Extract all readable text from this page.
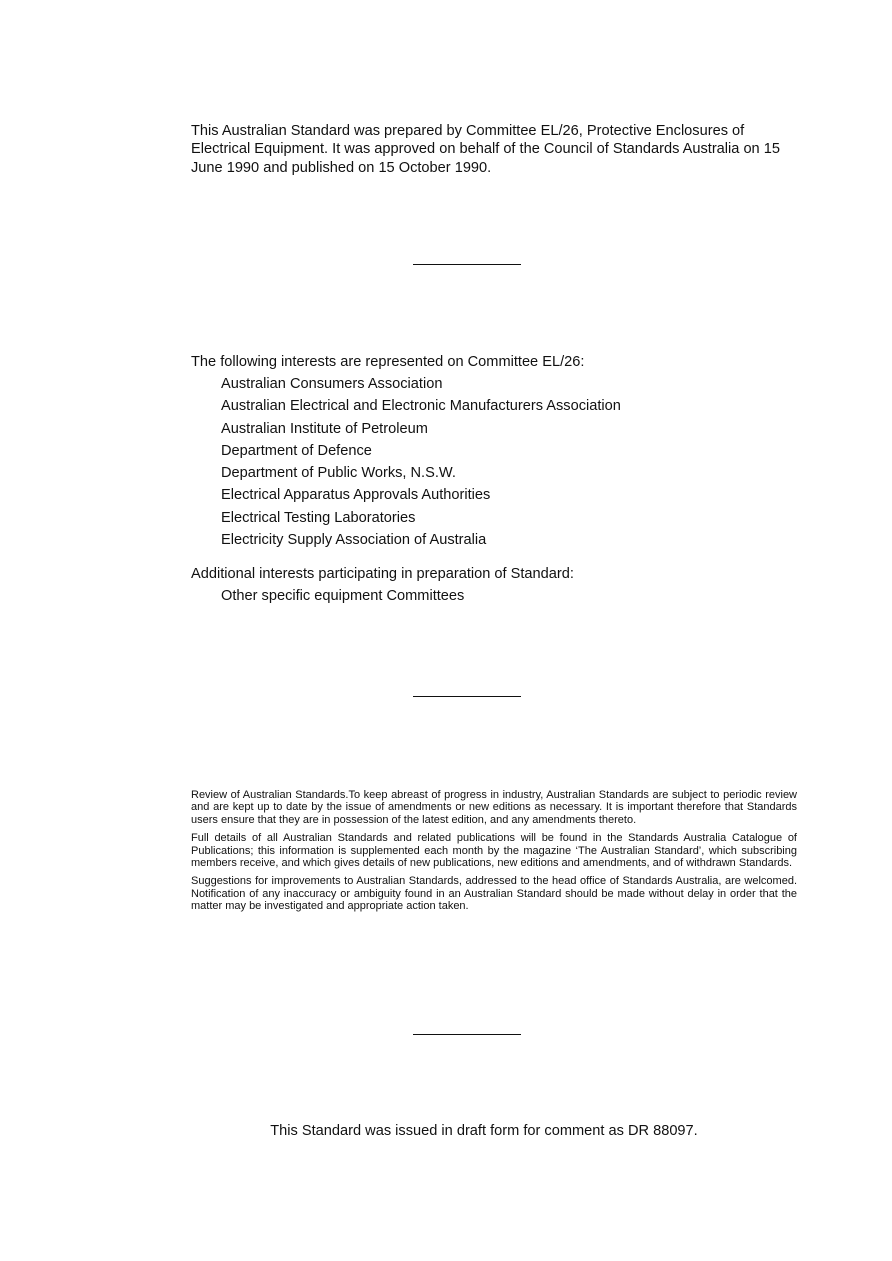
This Australian Standard was prepared by Committee EL/26, Protective Enclosures of Electrical Equipment. It was approved on behalf of the Council of Standards Australia on 15 June 1990 and published on 15 October 1990.
The following interests are represented on Committee EL/26:
Australian Consumers Association
Australian Electrical and Electronic Manufacturers Association
Australian Institute of Petroleum
Department of Defence
Department of Public Works, N.S.W.
Electrical Apparatus Approvals Authorities
Electrical Testing Laboratories
Electricity Supply Association of Australia
Additional interests participating in preparation of Standard:
Other specific equipment Committees

Review of Australian Standards.To keep abreast of progress in industry, Australian Standards are subject to periodic review and are kept up to date by the issue of amendments or new editions as necessary. It is important therefore that Standards users ensure that they are in possession of the latest edition, and any amendments thereto.

Full details of all Australian Standards and related publications will be found in the Standards Australia Catalogue of Publications; this information is supplemented each month by the magazine ‘The Australian Standard’, which subscribing members receive, and which gives details of new publications, new editions and amendments, and of withdrawn Standards.

Suggestions for improvements to Australian Standards, addressed to the head office of Standards Australia, are welcomed. Notification of any inaccuracy or ambiguity found in an Australian Standard should be made without delay in order that the matter may be investigated and appropriate action taken.

This Standard was issued in draft form for comment as DR 88097.
